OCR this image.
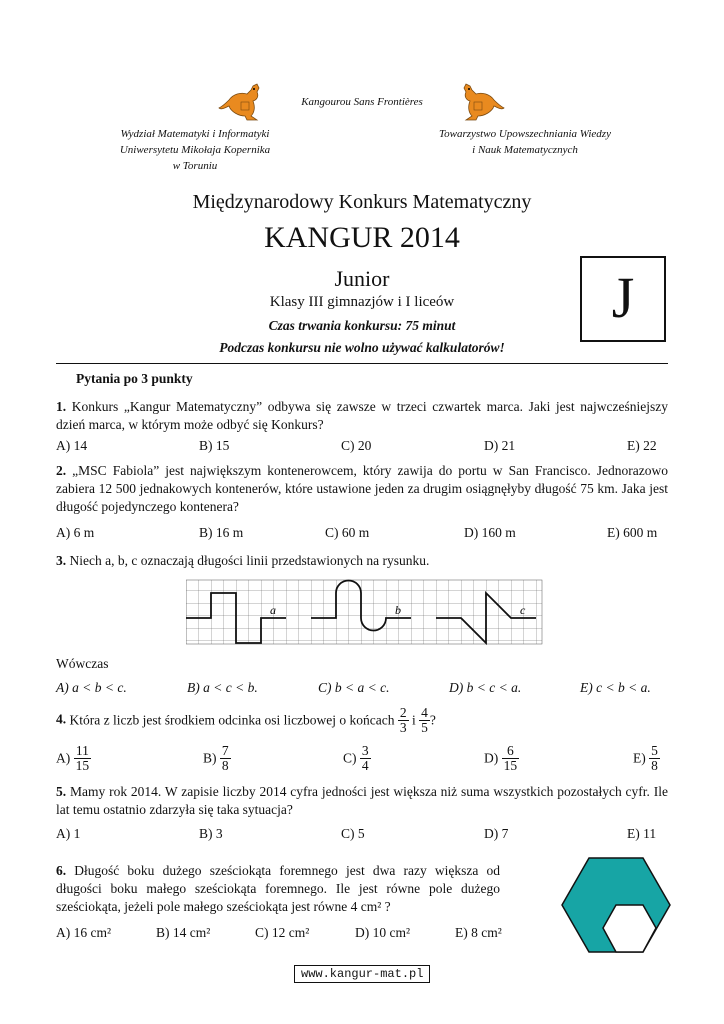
Kangourou Sans Frontières
Wydział Matematyki i Informatyki
Uniwersytetu Mikołaja Kopernika
w Toruniu
Towarzystwo Upowszechniania Wiedzy
i Nauk Matematycznych
Międzynarodowy Konkurs Matematyczny
KANGUR 2014
Junior
Klasy III gimnazjów i I liceów
Czas trwania konkursu: 75 minut
Podczas konkursu nie wolno używać kalkulatorów!
J
Pytania po 3 punkty
1. Konkurs „Kangur Matematyczny” odbywa się zawsze w trzeci czwartek marca. Jaki jest najwcześniejszy dzień marca, w którym może odbyć się Konkurs?
A) 14	B) 15	C) 20	D) 21	E) 22
2. „MSC Fabiola” jest największym kontenerowcem, który zawija do portu w San Francisco. Jednorazowo zabiera 12 500 jednakowych kontenerów, które ustawione jeden za drugim osiągnęłyby długość 75 km. Jaka jest długość pojedynczego kontenera?
A) 6 m	B) 16 m	C) 60 m	D) 160 m	E) 600 m
3. Niech a, b, c oznaczają długości linii przedstawionych na rysunku.
a	b	c
Wówczas
A) a < b < c.	B) a < c < b.	C) b < a < c.	D) b < c < a.	E) c < b < a.
4. Która z liczb jest środkiem odcinka osi liczbowej o końcach $\frac{2}{3}$ i $\frac{4}{5}$ ?
$A) \frac{11}{15}$	$B) \frac{7}{8}$	$C) \frac{3}{4}$	$D) \frac{6}{15}$	$E) \frac{5}{8}$
5. Mamy rok 2014. W zapisie liczby 2014 cyfra jedności jest większa niż suma wszystkich pozostałych cyfr. Ile lat temu ostatnio zdarzyła się taka sytuacja?
A) 1	B) 3	C) 5	D) 7	E) 11
6. Długość boku dużego sześciokąta foremnego jest dwa razy większa od długości boku małego sześciokąta foremnego. Ile jest równe pole dużego sześciokąta, jeżeli pole małego sześciokąta jest równe 4 cm² ?
A) 16 cm²	B) 14 cm²	C) 12 cm²	D) 10 cm²	E) 8 cm²
www.kangur-mat.pl
